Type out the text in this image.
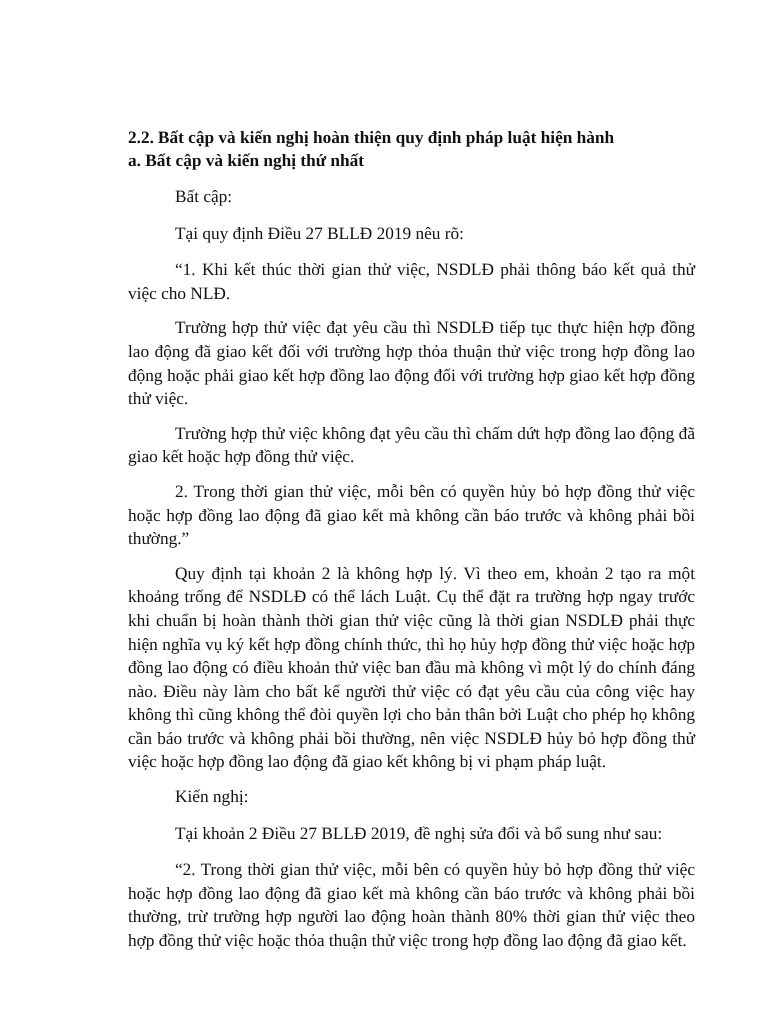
2.2. Bất cập và kiến nghị hoàn thiện quy định pháp luật hiện hành

a. Bất cập và kiến nghị thứ nhất

Bất cập:

Tại quy định Điều 27 BLLĐ 2019 nêu rõ:

“1. Khi kết thúc thời gian thử việc, NSDLĐ phải thông báo kết quả thử việc cho NLĐ.

Trường hợp thử việc đạt yêu cầu thì NSDLĐ tiếp tục thực hiện hợp đồng lao động đã giao kết đối với trường hợp thỏa thuận thử việc trong hợp đồng lao động hoặc phải giao kết hợp đồng lao động đối với trường hợp giao kết hợp đồng thử việc.

Trường hợp thử việc không đạt yêu cầu thì chấm dứt hợp đồng lao động đã giao kết hoặc hợp đồng thử việc.

2. Trong thời gian thử việc, mỗi bên có quyền hủy bỏ hợp đồng thử việc hoặc hợp đồng lao động đã giao kết mà không cần báo trước và không phải bồi thường.”

Quy định tại khoản 2 là không hợp lý. Vì theo em, khoản 2 tạo ra một khoảng trống để NSDLĐ có thể lách Luật. Cụ thể đặt ra trường hợp ngay trước khi chuẩn bị hoàn thành thời gian thử việc cũng là thời gian NSDLĐ phải thực hiện nghĩa vụ ký kết hợp đồng chính thức, thì họ hủy hợp đồng thử việc hoặc hợp đồng lao động có điều khoản thử việc ban đầu mà không vì một lý do chính đáng nào. Điều này làm cho bất kể người thử việc có đạt yêu cầu của công việc hay không thì cũng không thể đòi quyền lợi cho bản thân bởi Luật cho phép họ không cần báo trước và không phải bồi thường, nên việc NSDLĐ hủy bỏ hợp đồng thử việc hoặc hợp đồng lao động đã giao kết không bị vi phạm pháp luật.

Kiến nghị:

Tại khoản 2 Điều 27 BLLĐ 2019, đề nghị sửa đổi và bổ sung như sau:

“2. Trong thời gian thử việc, mỗi bên có quyền hủy bỏ hợp đồng thử việc hoặc hợp đồng lao động đã giao kết mà không cần báo trước và không phải bồi thường, trừ trường hợp người lao động hoàn thành 80% thời gian thử việc theo hợp đồng thử việc hoặc thỏa thuận thử việc trong hợp đồng lao động đã giao kết.
